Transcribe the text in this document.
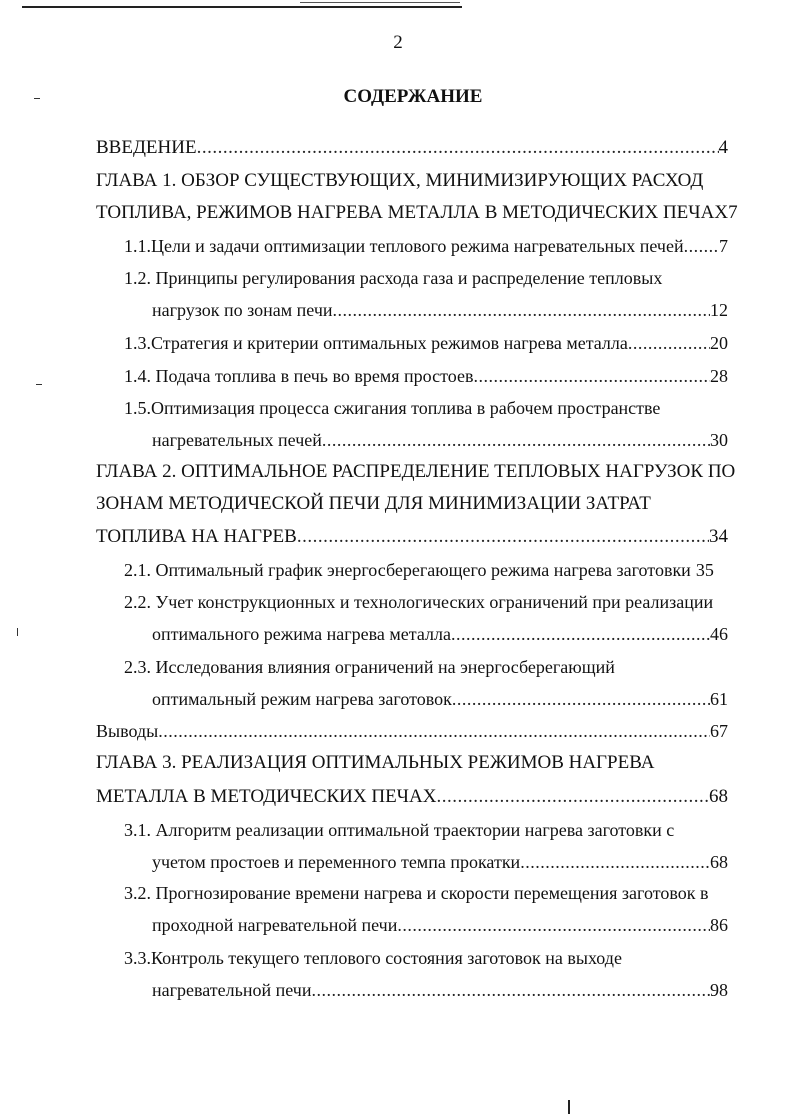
2
СОДЕРЖАНИЕ
ВВЕДЕНИЕ .....	4
ГЛАВА 1. ОБЗОР СУЩЕСТВУЮЩИХ, МИНИМИЗИРУЮЩИХ РАСХОД
ТОПЛИВА, РЕЖИМОВ НАГРЕВА МЕТАЛЛА В МЕТОДИЧЕСКИХ ПЕЧАХ 7
1.1.Цели и задачи оптимизации теплового режима нагревательных печей ..... 7
1.2. Принципы регулирования расхода газа и распределение тепловых
нагрузок по зонам печи .....	12
1.3.Стратегия и критерии оптимальных режимов нагрева металла .....	20
1.4. Подача топлива в печь во время простоев .....	28
1.5.Оптимизация процесса сжигания топлива в рабочем пространстве
нагревательных печей .....	30
ГЛАВА 2. ОПТИМАЛЬНОЕ РАСПРЕДЕЛЕНИЕ ТЕПЛОВЫХ НАГРУЗОК ПО
ЗОНАМ МЕТОДИЧЕСКОЙ ПЕЧИ ДЛЯ МИНИМИЗАЦИИ ЗАТРАТ
ТОПЛИВА НА НАГРЕВ .....	34
2.1. Оптимальный график энергосберегающего режима нагрева заготовки 35
2.2. Учет конструкционных и технологических ограничений при реализации
оптимального режима нагрева металла .....	46
2.3. Исследования влияния ограничений на энергосберегающий
оптимальный режим нагрева заготовок .....	61
Выводы .....	67
ГЛАВА 3. РЕАЛИЗАЦИЯ ОПТИМАЛЬНЫХ РЕЖИМОВ НАГРЕВА
МЕТАЛЛА В МЕТОДИЧЕСКИХ ПЕЧАХ .....	68
3.1. Алгоритм реализации оптимальной траектории нагрева заготовки с
учетом простоев и переменного темпа прокатки .....	68
3.2. Прогнозирование времени нагрева и скорости перемещения заготовок в
проходной нагревательной печи .....	86
3.3.Контроль текущего теплового состояния заготовок на выходе
нагревательной печи .....	98
